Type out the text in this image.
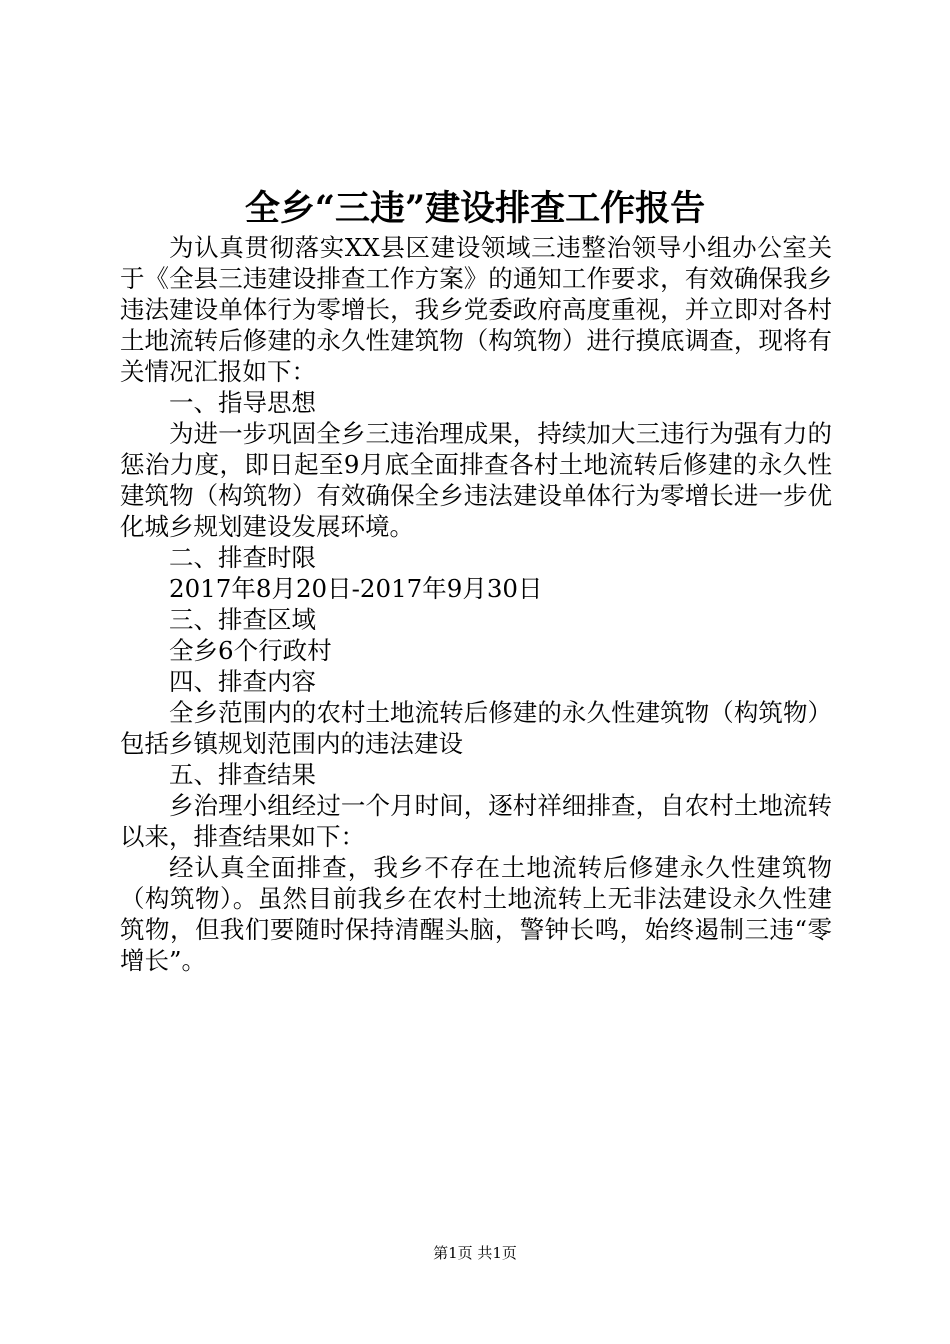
全乡“三违”建设排查工作报告

为认真贯彻落实XX县区建设领域三违整治领导小组办公室关于《全县三违建设排查工作方案》的通知工作要求，有效确保我乡违法建设单体行为零增长，我乡党委政府高度重视，并立即对各村土地流转后修建的永久性建筑物（构筑物）进行摸底调查，现将有关情况汇报如下：

一、指导思想

为进一步巩固全乡三违治理成果，持续加大三违行为强有力的惩治力度，即日起至9月底全面排查各村土地流转后修建的永久性建筑物（构筑物）有效确保全乡违法建设单体行为零增长进一步优化城乡规划建设发展环境。

二、排查时限

2017年8月20日-2017年9月30日

三、排查区域

全乡6个行政村

四、排查内容

全乡范围内的农村土地流转后修建的永久性建筑物（构筑物）包括乡镇规划范围内的违法建设

五、排查结果

乡治理小组经过一个月时间，逐村祥细排查，自农村土地流转以来，排查结果如下：

经认真全面排查，我乡不存在土地流转后修建永久性建筑物（构筑物）。虽然目前我乡在农村土地流转上无非法建设永久性建筑物，但我们要随时保持清醒头脑，警钟长鸣，始终遏制三违“零增长”。

第1页 共1页
